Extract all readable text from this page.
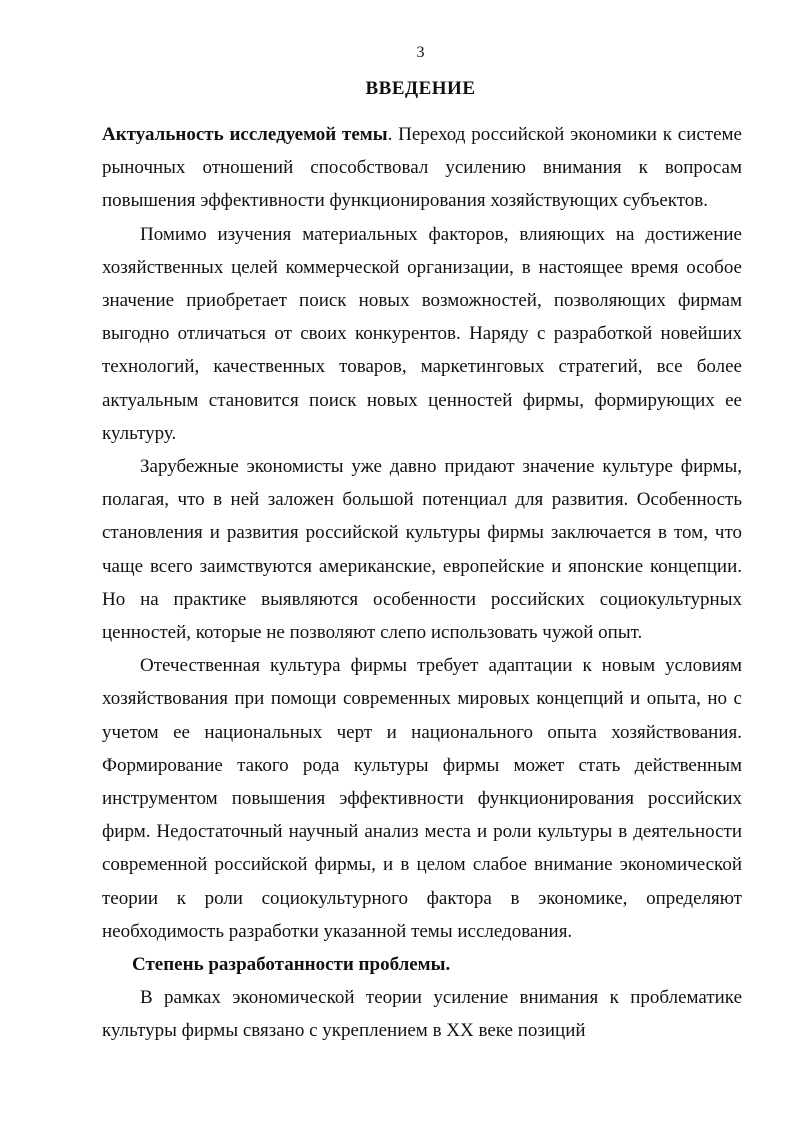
3
ВВЕДЕНИЕ

Актуальность исследуемой темы. Переход российской экономики к системе рыночных отношений способствовал усилению внимания к вопросам повышения эффективности функционирования хозяйствующих субъектов.

Помимо изучения материальных факторов, влияющих на достижение хозяйственных целей коммерческой организации, в настоящее время особое значение приобретает поиск новых возможностей, позволяющих фирмам выгодно отличаться от своих конкурентов. Наряду с разработкой новейших технологий, качественных товаров, маркетинговых стратегий, все более актуальным становится поиск новых ценностей фирмы, формирующих ее культуру.

Зарубежные экономисты уже давно придают значение культуре фирмы, полагая, что в ней заложен большой потенциал для развития. Особенность становления и развития российской культуры фирмы заключается в том, что чаще всего заимствуются американские, европейские и японские концепции. Но на практике выявляются особенности российских социокультурных ценностей, которые не позволяют слепо использовать чужой опыт.

Отечественная культура фирмы требует адаптации к новым условиям хозяйствования при помощи современных мировых концепций и опыта, но с учетом ее национальных черт и национального опыта хозяйствования. Формирование такого рода культуры фирмы может стать действенным инструментом повышения эффективности функционирования российских фирм. Недостаточный научный анализ места и роли культуры в деятельности современной российской фирмы, и в целом слабое внимание экономической теории к роли социокультурного фактора в экономике, определяют необходимость разработки указанной темы исследования.

Степень разработанности проблемы.

В рамках экономической теории усиление внимания к проблематике культуры фирмы связано с укреплением в XX веке позиций
